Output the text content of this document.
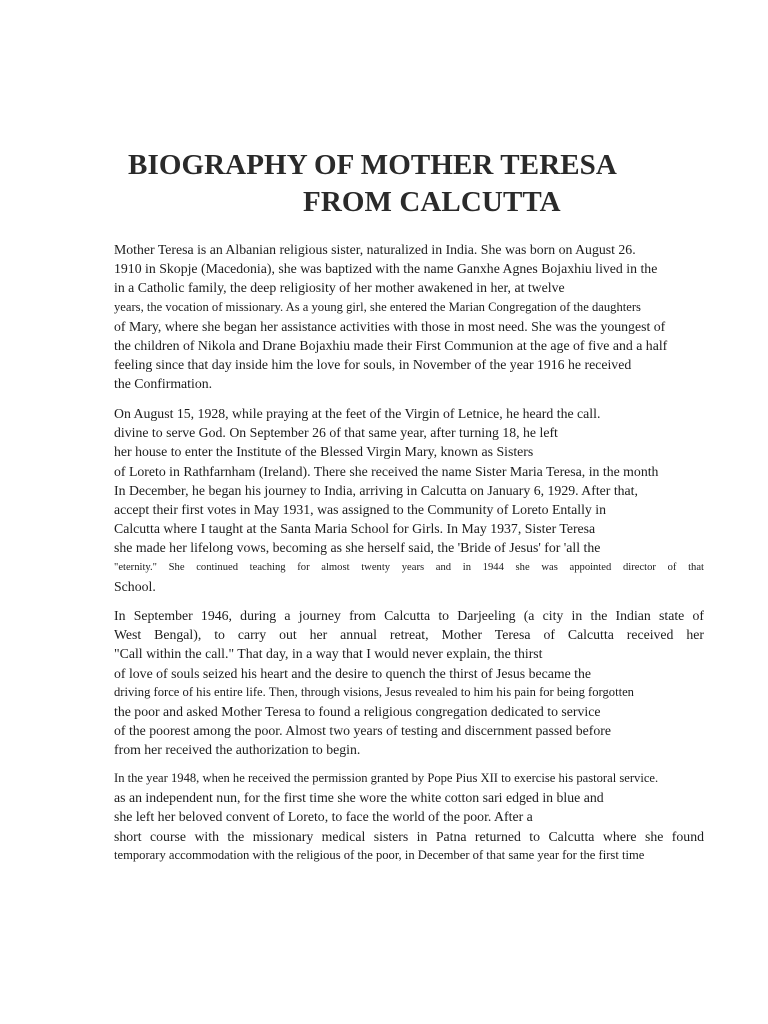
BIOGRAPHY OF MOTHER TERESA
FROM CALCUTTA
Mother Teresa is an Albanian religious sister, naturalized in India. She was born on August 26.
1910 in Skopje (Macedonia), she was baptized with the name Ganxhe Agnes Bojaxhiu lived in the
in a Catholic family, the deep religiosity of her mother awakened in her, at twelve
years, the vocation of missionary. As a young girl, she entered the Marian Congregation of the daughters
of Mary, where she began her assistance activities with those in most need. She was the youngest of
the children of Nikola and Drane Bojaxhiu made their First Communion at the age of five and a half
feeling since that day inside him the love for souls, in November of the year 1916 he received
the Confirmation.
On August 15, 1928, while praying at the feet of the Virgin of Letnice, he heard the call.
divine to serve God. On September 26 of that same year, after turning 18, he left
her house to enter the Institute of the Blessed Virgin Mary, known as Sisters
of Loreto in Rathfarnham (Ireland). There she received the name Sister Maria Teresa, in the month
In December, he began his journey to India, arriving in Calcutta on January 6, 1929. After that,
accept their first votes in May 1931, was assigned to the Community of Loreto Entally in
Calcutta where I taught at the Santa Maria School for Girls. In May 1937, Sister Teresa
she made her lifelong vows, becoming as she herself said, the 'Bride of Jesus' for 'all the
"eternity." She continued teaching for almost twenty years and in 1944 she was appointed director of that
School.
In September 1946, during a journey from Calcutta to Darjeeling (a city in the Indian state of
West Bengal), to carry out her annual retreat, Mother Teresa of Calcutta received her
"Call within the call." That day, in a way that I would never explain, the thirst
of love of souls seized his heart and the desire to quench the thirst of Jesus became the
driving force of his entire life. Then, through visions, Jesus revealed to him his pain for being forgotten
the poor and asked Mother Teresa to found a religious congregation dedicated to service
of the poorest among the poor. Almost two years of testing and discernment passed before
from her received the authorization to begin.
In the year 1948, when he received the permission granted by Pope Pius XII to exercise his pastoral service.
as an independent nun, for the first time she wore the white cotton sari edged in blue and
she left her beloved convent of Loreto, to face the world of the poor. After a
short course with the missionary medical sisters in Patna returned to Calcutta where she found
temporary accommodation with the religious of the poor, in December of that same year for the first time
